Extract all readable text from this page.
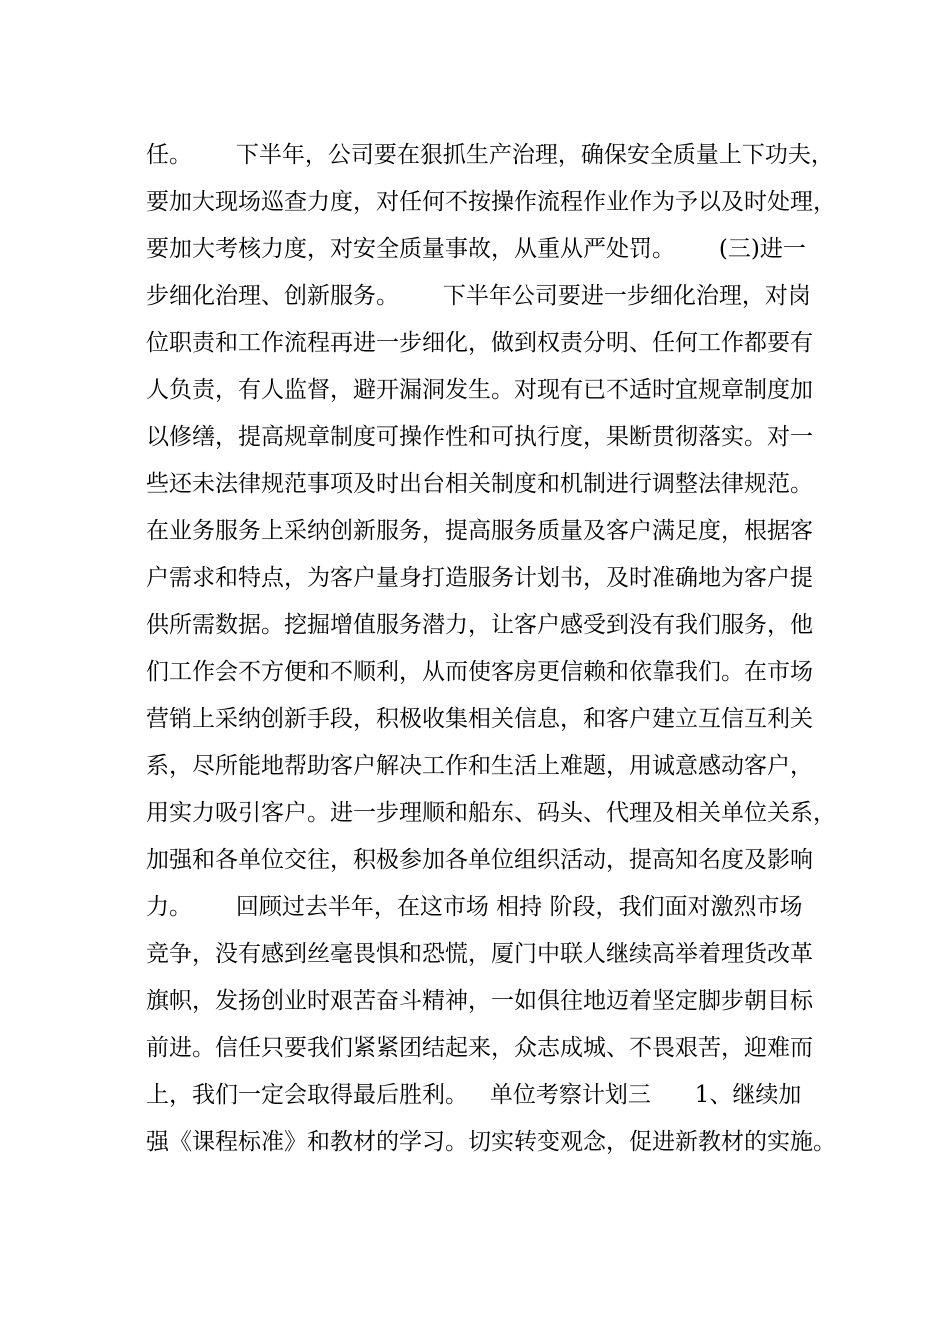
任。      下半年，公司要在狠抓生产治理，确保安全质量上下功夫，
要加大现场巡查力度，对任何不按操作流程作业作为予以及时处理，
要加大考核力度，对安全质量事故，从重从严处罚。      (三)进一
步细化治理、创新服务。      下半年公司要进一步细化治理，对岗
位职责和工作流程再进一步细化，做到权责分明、任何工作都要有
人负责，有人监督，避开漏洞发生。对现有已不适时宜规章制度加
以修缮，提高规章制度可操作性和可执行度，果断贯彻落实。对一
些还未法律规范事项及时出台相关制度和机制进行调整法律规范。
在业务服务上采纳创新服务，提高服务质量及客户满足度，根据客
户需求和特点，为客户量身打造服务计划书，及时准确地为客户提
供所需数据。挖掘增值服务潜力，让客户感受到没有我们服务，他
们工作会不方便和不顺利，从而使客房更信赖和依靠我们。在市场
营销上采纳创新手段，积极收集相关信息，和客户建立互信互利关
系，尽所能地帮助客户解决工作和生活上难题，用诚意感动客户，
用实力吸引客户。进一步理顺和船东、码头、代理及相关单位关系，
加强和各单位交往，积极参加各单位组织活动，提高知名度及影响
力。      回顾过去半年，在这市场 相持 阶段，我们面对激烈市场
竞争，没有感到丝毫畏惧和恐慌，厦门中联人继续高举着理货改革
旗帜，发扬创业时艰苦奋斗精神，一如俱往地迈着坚定脚步朝目标
前进。信任只要我们紧紧团结起来，众志成城、不畏艰苦，迎难而
上，我们一定会取得最后胜利。   单位考察计划三      1、继续加
强《课程标准》和教材的学习。切实转变观念，促进新教材的实施。
